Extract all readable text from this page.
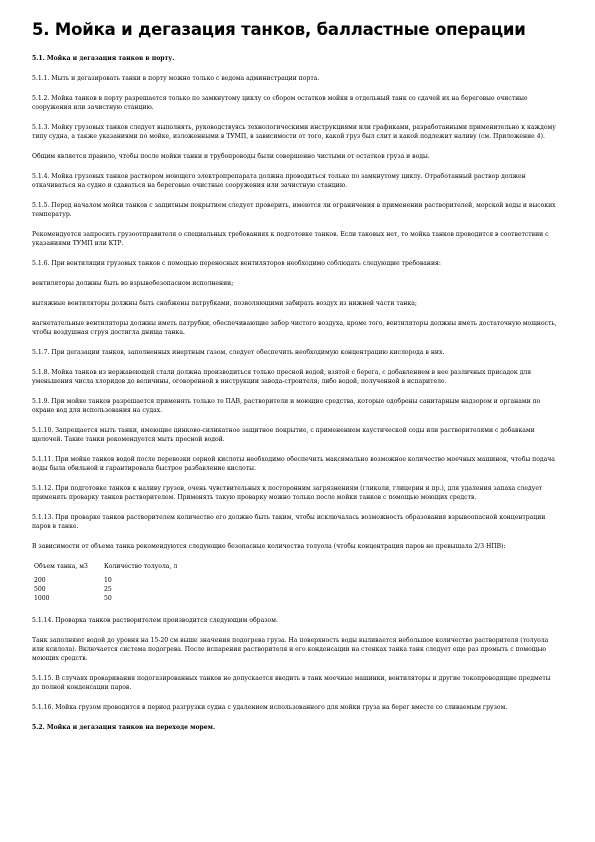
5. Мойка и дегазация танков, балластные операции

5.1. Мойка и дегазация танков в порту.

5.1.1. Мыть и дегазировать танки в порту можно только с ведома администрации порта.

5.1.2. Мойка танков в порту разрешается только по замкнутому циклу со сбором остатков мойки в отдельный танк со сдачей их на береговые очистные сооружения или зачистную станцию.

5.1.3. Мойку грузовых танков следует выполнять, руководствуясь технологическими инструкциями или графиками, разработанными применительно к каждому типу судна, а также указаниями по мойке, изложенными в ТУМП, в зависимости от того, какой груз был слит и какой подлежит наливу (см. Приложение 4).

Общим является правило, чтобы после мойки танки и трубопроводы были совершенно чистыми от остатков груза и воды.

5.1.4. Мойка грузовых танков раствором моющего электропрепарата должна проводиться только по замкнутому циклу. Отработанный раствор должен откачиваться на судно и сдаваться на береговые очистные сооружения или зачистную станцию.

5.1.5. Перед началом мойки танков с защитным покрытием следует проверить, имеются ли ограничения в применении растворителей, морской воды и высоких температур.

Рекомендуется запросить грузоотправителя о специальных требованиях к подготовке танков. Если таковых нет, то мойка танков проводится в соответствии с указаниями ТУМП или КТР.

5.1.6. При вентиляции грузовых танков с помощью переносных вентиляторов необходимо соблюдать следующие требования:

вентиляторы должны быть во взрывобезопасном исполнении;

вытяжные вентиляторы должны быть снабжены патрубками, позволяющими забирать воздух из нижней части танка;

нагнетательные вентиляторы должны иметь патрубки, обеспечивающие забор чистого воздуха, кроме того, вентиляторы должны иметь достаточную мощность, чтобы воздушная струя достигла днища танка.

5.1.7. При дегазации танков, заполненных инертным газом, следует обеспечить необходимую концентрацию кислорода в них.

5.1.8. Мойка танков из нержавеющей стали должна производиться только пресной водой, взятой с берега, с добавлением в нее различных присадок для уменьшения числа хлоридов до величины, оговоренной в инструкции завода-строителя, либо водой, полученной в испарителе.

5.1.9. При мойке танков разрешается применять только те ПАВ, растворители и моющие средства, которые одобрены санитарным надзором и органами по охране вод для использования на судах.

5.1.10. Запрещается мыть танки, имеющие цинково-силикатное защитное покрытие, с применением каустической соды или растворителями с добавками щелочей. Такие танки рекомендуется мыть пресной водой.

5.1.11. При мойке танков водой после перевозки серной кислоты необходимо обеспечить максимально возможное количество моечных машинок, чтобы подача воды была обильной и гарантировала быстрое разбавление кислоты.

5.1.12. При подготовке танков к наливу грузов, очень чувствительных к посторонним загрязнениям (гликоли, глицерин и пр.), для удаления запаха следует применять проварку танков растворителем. Применять такую проварку можно только после мойки танков с помощью моющих средств.

5.1.13. При проварке танков растворителем количество его должно быть таким, чтобы исключалась возможность образования взрывоопасной концентрации паров в танке.

В зависимости от объема танка рекомендуются следующие безопасные количества толуола (чтобы концентрация паров не превышала 2/3 НПВ):

Объем танка, м3	Количество толуола, л
200	10
500	25
1000	50

5.1.14. Проварка танков растворителем производится следующим образом.

Танк заполняют водой до уровня на 15-20 см выше значения подогрева груза. На поверхность воды выливается небольшое количество растворителя (толуола или ксилола). Включается система подогрева. После испарения растворителя и его конденсации на стенках танка танк следует еще раз промыть с помощью моющих средств.

5.1.15. В случаях проваривания подогазированных танков не допускается вводить в танк моечные машинки, вентиляторы и другие токопроводящие предметы до полной конденсации паров.

5.1.16. Мойка грузом проводится в период разгрузки судна с удалением использованного для мойки груза на берег вместе со сливаемым грузом.

5.2. Мойка и дегазация танков на переходе морем.
